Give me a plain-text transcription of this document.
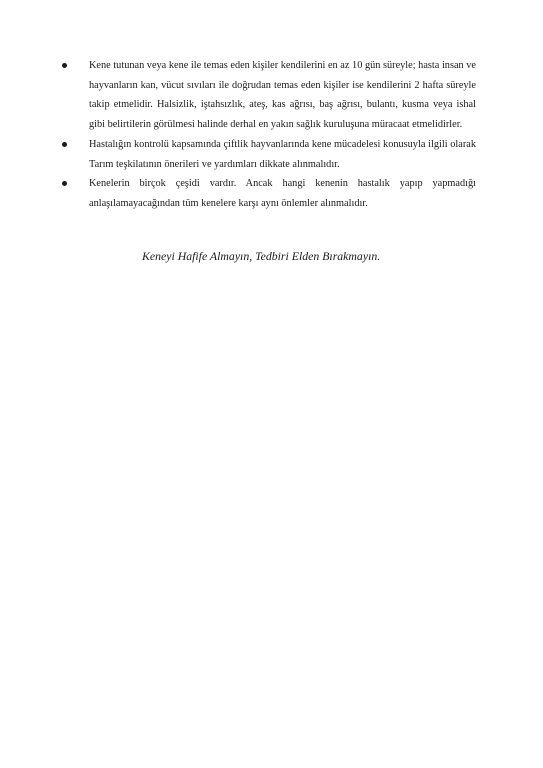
Kene tutunan veya kene ile temas eden kişiler kendilerini en az 10 gün süreyle; hasta insan ve hayvanların kan, vücut sıvıları ile doğrudan temas eden kişiler ise kendilerini 2 hafta süreyle takip etmelidir. Halsizlik, iştahsızlık, ateş, kas ağrısı, baş ağrısı, bulantı, kusma veya ishal gibi belirtilerin görülmesi halinde derhal en yakın sağlık kuruluşuna müracaat etmelidirler.
Hastalığın kontrolü kapsamında çiftlik hayvanlarında kene mücadelesi konusuyla ilgili olarak Tarım teşkilatının önerileri ve yardımları dikkate alınmalıdır.
Kenelerin birçok çeşidi vardır. Ancak hangi kenenin hastalık yapıp yapmadığı anlaşılamayacağından tüm kenelere karşı aynı önlemler alınmalıdır.

Keneyi Hafife Almayın, Tedbiri Elden Bırakmayın.
